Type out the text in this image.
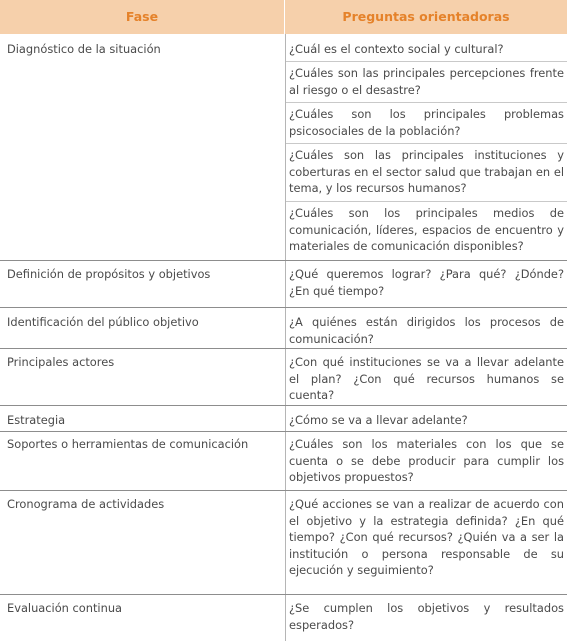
Fase	Preguntas orientadoras
Diagnóstico de la situación	¿Cuál es el contexto social y cultural?
¿Cuáles son las principales percepciones frente al riesgo o el desastre?
¿Cuáles son los principales problemas psicosociales de la población?
¿Cuáles son las principales instituciones y coberturas en el sector salud que trabajan en el tema, y los recursos humanos?
¿Cuáles son los principales medios de comunicación, líderes, espacios de encuentro y materiales de comunicación disponibles?
Definición de propósitos y objetivos	¿Qué queremos lograr? ¿Para qué? ¿Dónde? ¿En qué tiempo?
Identificación del público objetivo	¿A quiénes están dirigidos los procesos de comunicación?
Principales actores	¿Con qué instituciones se va a llevar adelante el plan? ¿Con qué recursos humanos se cuenta?
Estrategia	¿Cómo se va a llevar adelante?
Soportes o herramientas de comunicación	¿Cuáles son los materiales con los que se cuenta o se debe producir para cumplir los objetivos propuestos?
Cronograma de actividades	¿Qué acciones se van a realizar de acuerdo con el objetivo y la estrategia definida? ¿En qué tiempo? ¿Con qué recursos? ¿Quién va a ser la institución o persona responsable de su ejecución y seguimiento?
Evaluación continua	¿Se cumplen los objetivos y resultados esperados?
